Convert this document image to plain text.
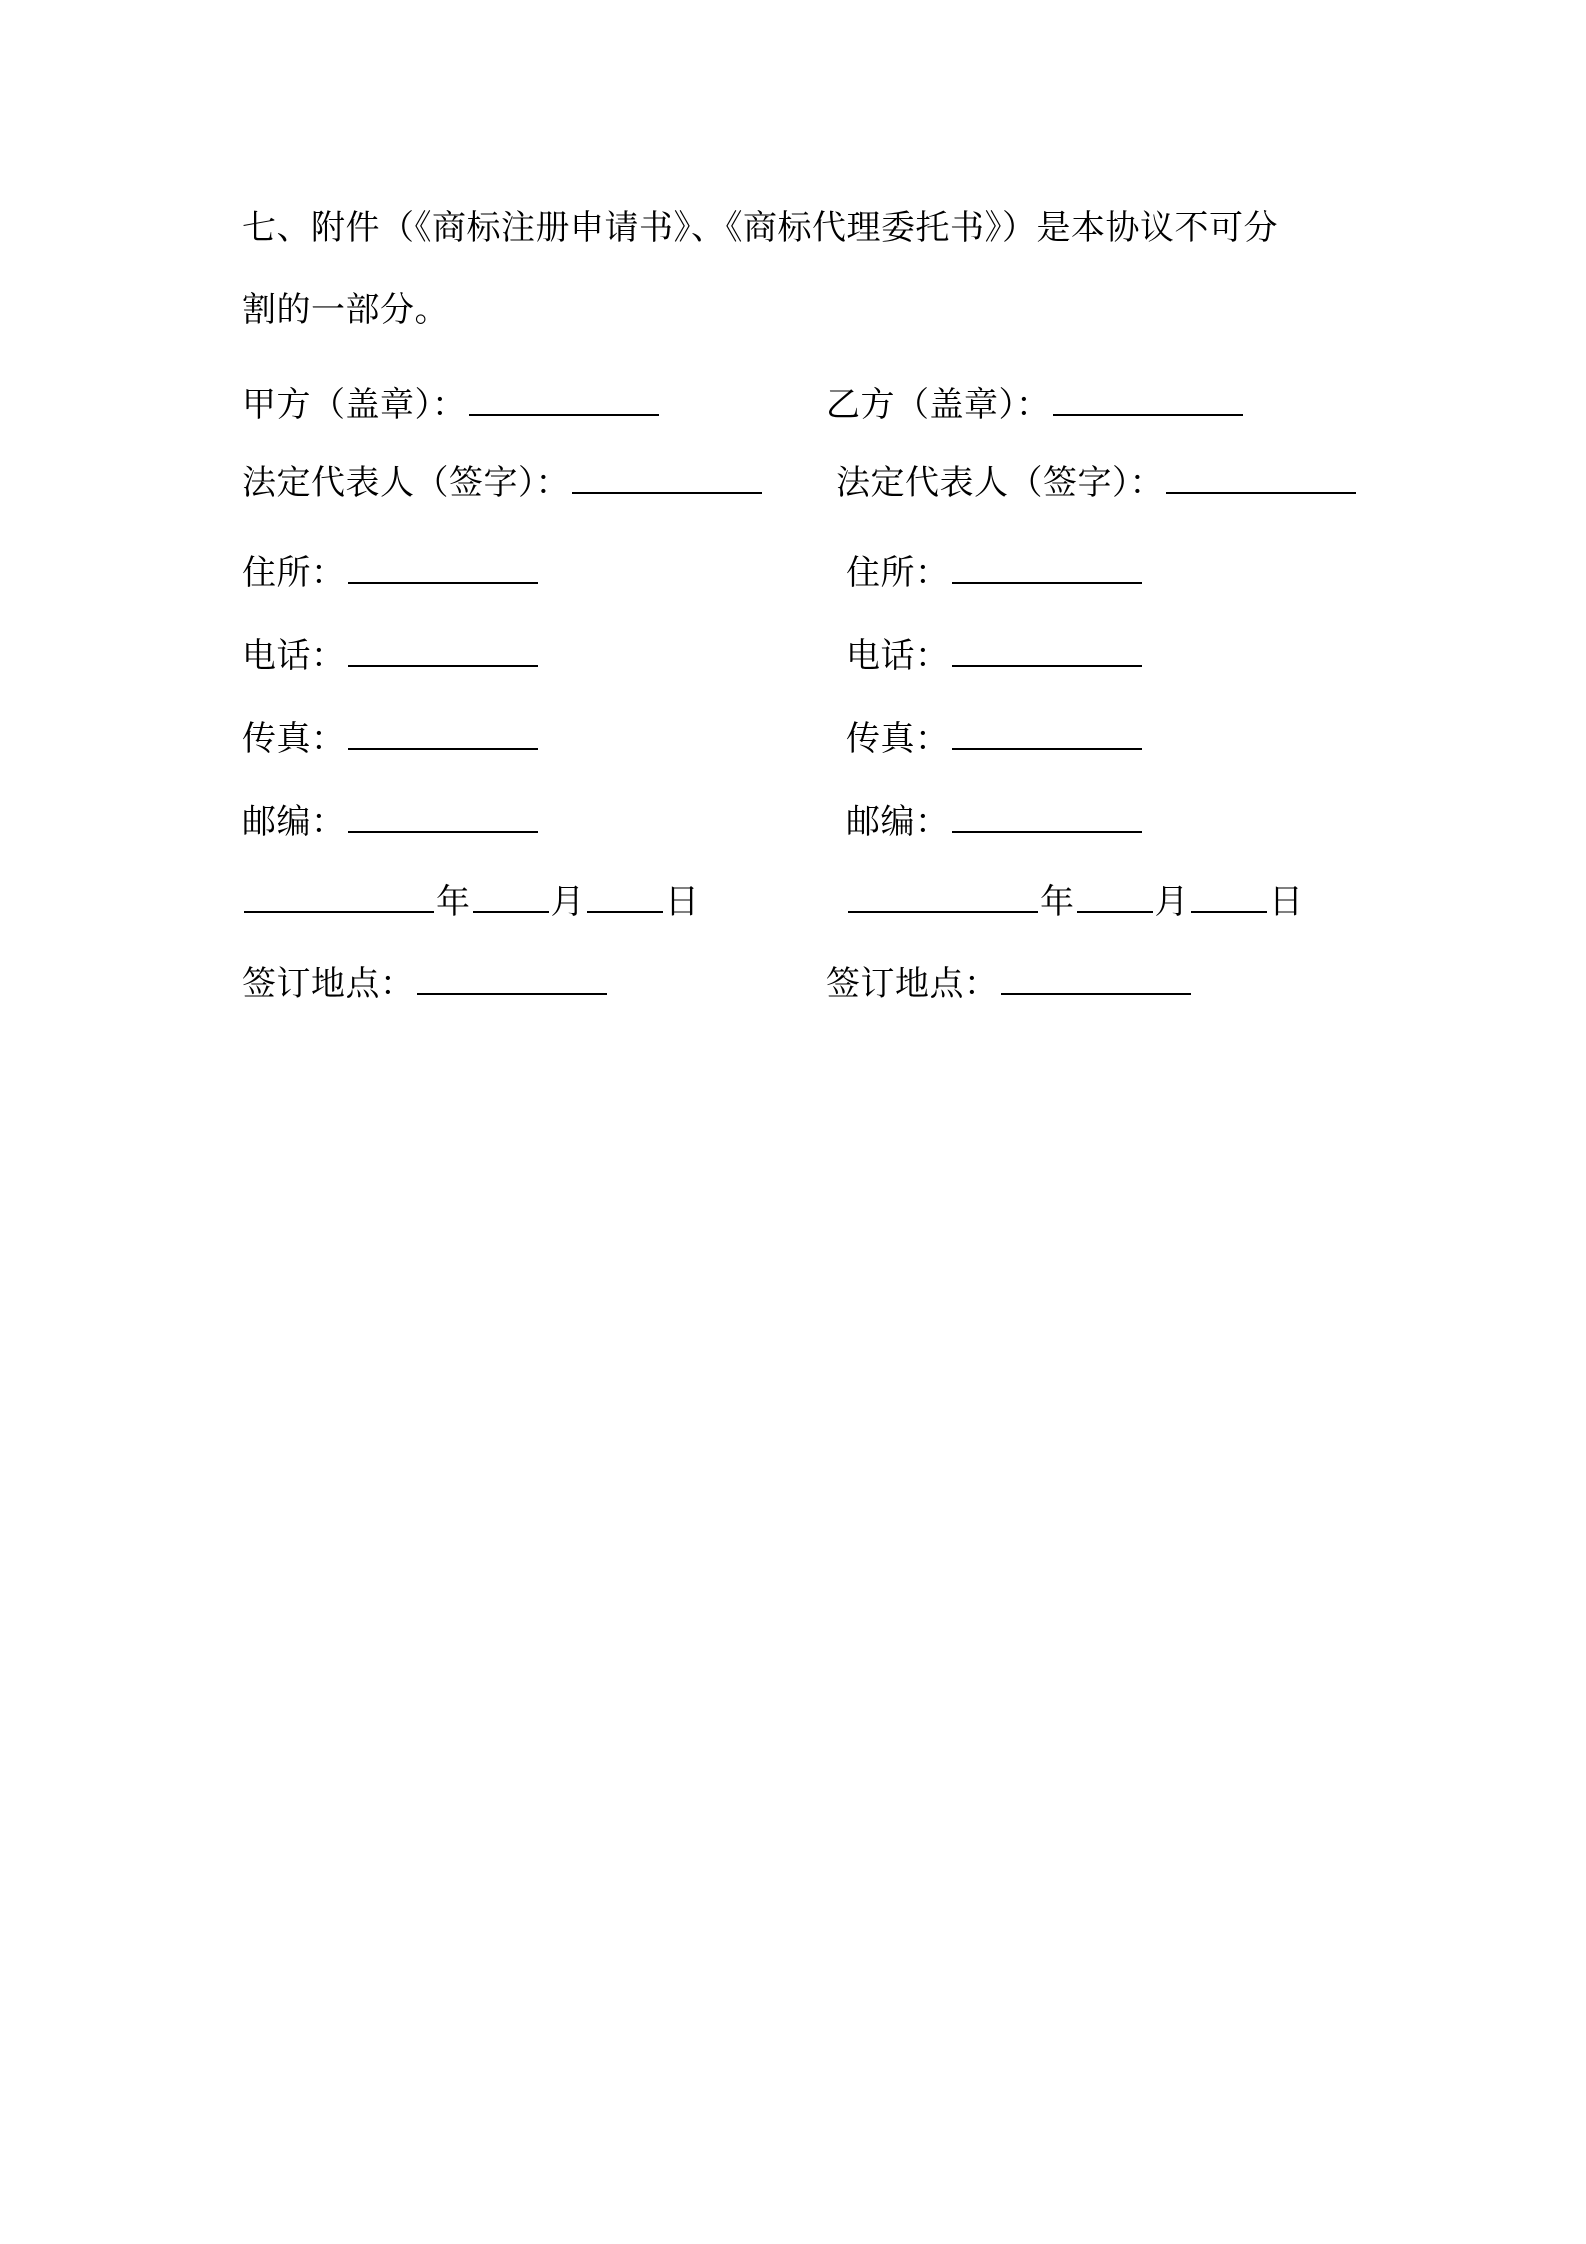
七、附件（《商标注册申请书》、《商标代理委托书》）是本协议不可分
割的一部分。
甲方（盖章）：
法定代表人（签字）：
住所：
电话：
传真：
邮编：
年 月 日
签订地点：
乙方（盖章）：
法定代表人（签字）：
住所：
电话：
传真：
邮编：
年 月 日
签订地点：
